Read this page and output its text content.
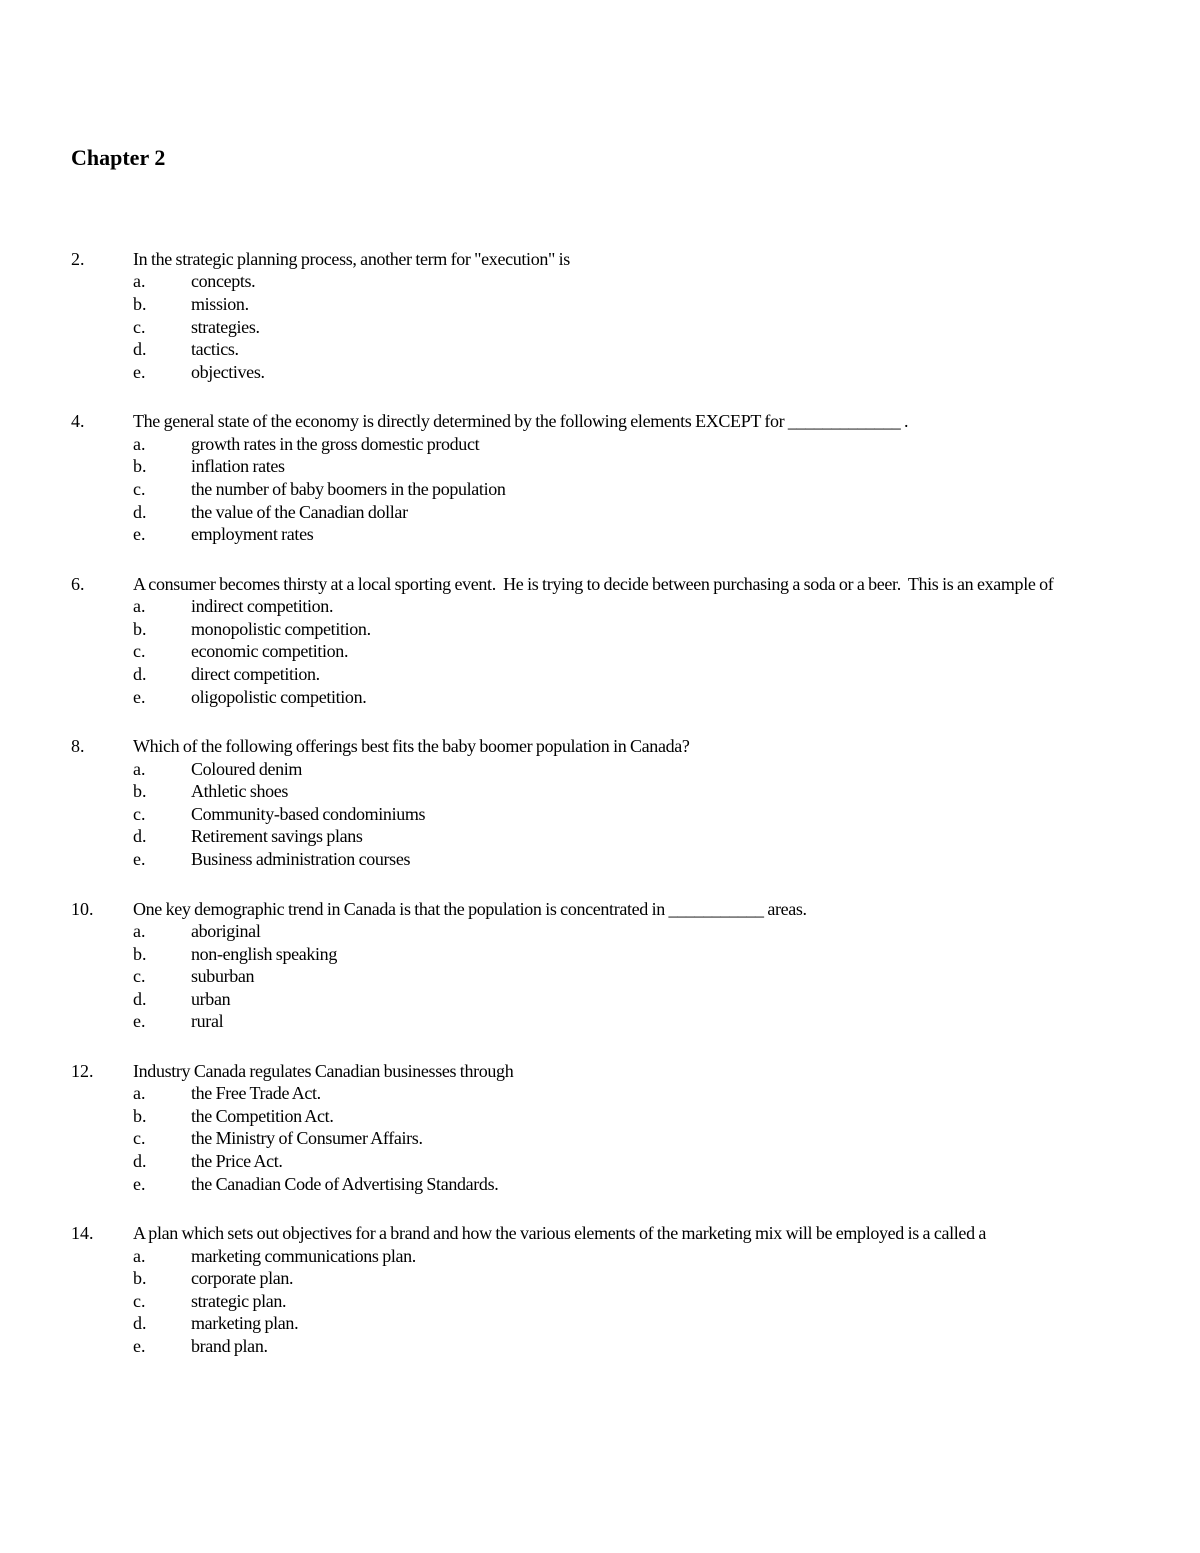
Chapter 2
2.	In the strategic planning process, another term for "execution" is
a.	concepts.
b.	mission.
c.	strategies.
d.	tactics.
e.	objectives.
4.	The general state of the economy is directly determined by the following elements EXCEPT for _____________ .
a.	growth rates in the gross domestic product
b.	inflation rates
c.	the number of baby boomers in the population
d.	the value of the Canadian dollar
e.	employment rates
6.	A consumer becomes thirsty at a local sporting event.  He is trying to decide between purchasing a soda or a beer.  This is an example of
a.	indirect competition.
b.	monopolistic competition.
c.	economic competition.
d.	direct competition.
e.	oligopolistic competition.
8.	Which of the following offerings best fits the baby boomer population in Canada?
a.	Coloured denim
b.	Athletic shoes
c.	Community-based condominiums
d.	Retirement savings plans
e.	Business administration courses
10.	One key demographic trend in Canada is that the population is concentrated in ___________ areas.
a.	aboriginal
b.	non-english speaking
c.	suburban
d.	urban
e.	rural
12.	Industry Canada regulates Canadian businesses through
a.	the Free Trade Act.
b.	the Competition Act.
c.	the Ministry of Consumer Affairs.
d.	the Price Act.
e.	the Canadian Code of Advertising Standards.
14.	A plan which sets out objectives for a brand and how the various elements of the marketing mix will be employed is a called a
a.	marketing communications plan.
b.	corporate plan.
c.	strategic plan.
d.	marketing plan.
e.	brand plan.
